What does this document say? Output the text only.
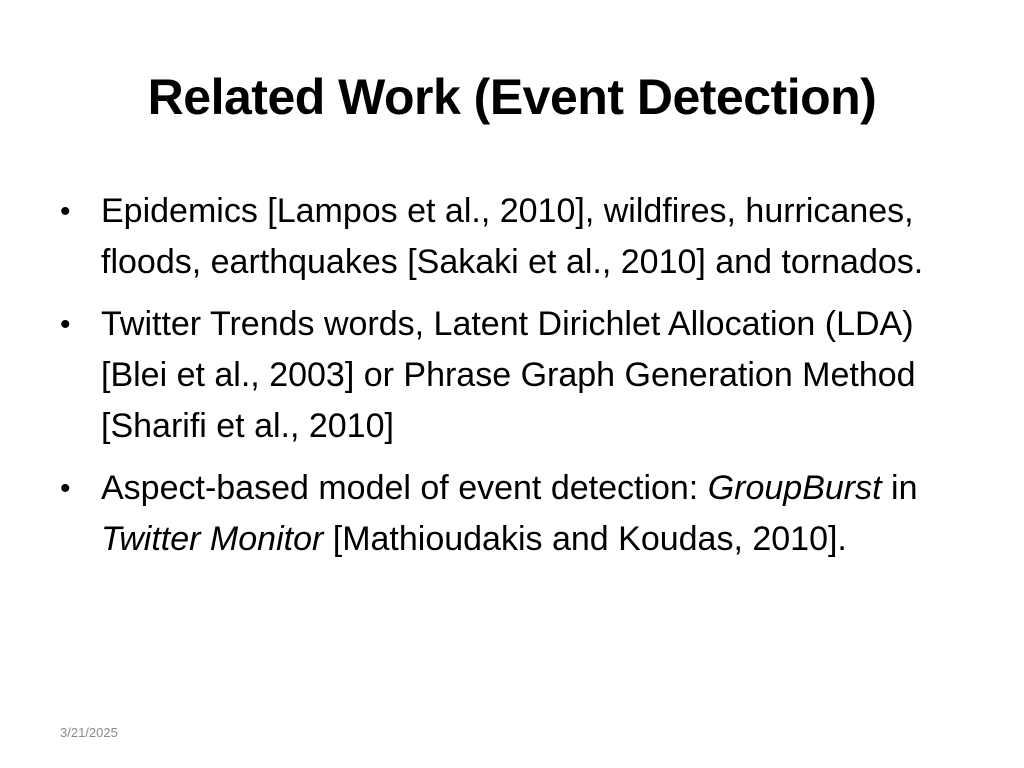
Related Work (Event Detection)
• Epidemics [Lampos et al., 2010], wildfires, hurricanes, floods, earthquakes [Sakaki et al., 2010] and tornados.
• Twitter Trends words, Latent Dirichlet Allocation (LDA) [Blei et al., 2003] or Phrase Graph Generation Method [Sharifi et al., 2010]
• Aspect-based model of event detection: GroupBurst in Twitter Monitor [Mathioudakis and Koudas, 2010].
3/21/2025
